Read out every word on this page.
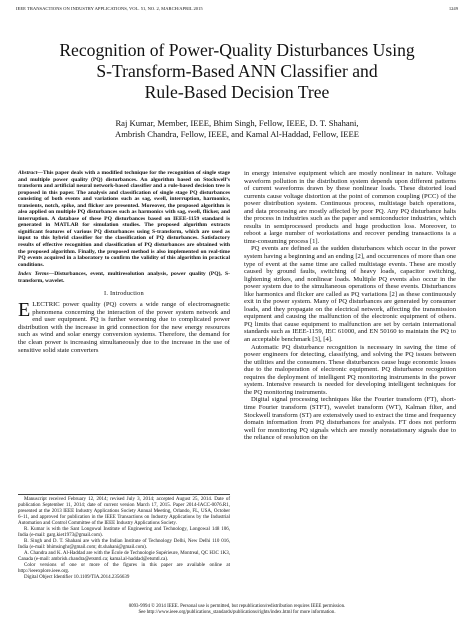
IEEE TRANSACTIONS ON INDUSTRY APPLICATIONS, VOL. 51, NO. 2, MARCH/APRIL 2015	1249
Recognition of Power-Quality Disturbances Using
S-Transform-Based ANN Classifier and
Rule-Based Decision Tree
Raj Kumar, Member, IEEE, Bhim Singh, Fellow, IEEE, D. T. Shahani,
Ambrish Chandra, Fellow, IEEE, and Kamal Al-Haddad, Fellow, IEEE

Abstract—This paper deals with a modified technique for the recognition of single stage and multiple power quality (PQ) disturbances. An algorithm based on Stockwell’s transform and artificial neural network-based classifier and a rule-based decision tree is proposed in this paper. The analysis and classification of single stage PQ disturbances consisting of both events and variations such as sag, swell, interruption, harmonics, transients, notch, spike, and flicker are presented. Moreover, the proposed algorithm is also applied on multiple PQ disturbances such as harmonics with sag, swell, flicker, and interruption. A database of these PQ disturbances based on IEEE-1159 standard is generated in MATLAB for simulation studies. The proposed algorithm extracts significant features of various PQ disturbances using S-transform, which are used as input to this hybrid classifier for the classification of PQ disturbances. Satisfactory results of effective recognition and classification of PQ disturbances are obtained with the proposed algorithm. Finally, the proposed method is also implemented on real-time PQ events acquired in a laboratory to confirm the validity of this algorithm in practical conditions.

Index Terms—Disturbances, event, multiresolution analysis, power quality (PQ), S-transform, wavelet.

I. Introduction

ELECTRIC power quality (PQ) covers a wide range of electromagnetic phenomena concerning the interaction of the power system network and end user equipment. PQ is further worsening due to complicated power distribution with the increase in grid connection for the new energy resources such as wind and solar energy conversion systems. Therefore, the demand for the clean power is increasing simultaneously due to the increase in the use of sensitive solid state converters

Manuscript received February 12, 2014; revised July 3, 2014; accepted August 25, 2014. Date of publication September 11, 2014; date of current version March 17, 2015. Paper 2014-IACC-0076.R1, presented at the 2013 IEEE Industry Applications Society Annual Meeting, Orlando, FL, USA, October 6–11, and approved for publication in the IEEE Transactions on Industry Applications by the Industrial Automation and Control Committee of the IEEE Industry Applications Society.

R. Kumar is with the Sant Longowal Institute of Engineering and Technology, Longowal 148 106, India (e-mail: garg.kiet1973@gmail.com).

B. Singh and D. T. Shahani are with the Indian Institute of Technology Delhi, New Delhi 110 016, India (e-mail: bhimsinghr@gmail.com; dt.shahani@gmail.com).

A. Chandra and K. Al-Haddad are with the École de Technologie Supérieure, Montreal, QC H3C 1K3, Canada (e-mail: ambrish.chandra@etsmtl.ca; kamal.al-haddad@etsmtl.ca).

Color versions of one or more of the figures in this paper are available online at http://ieeexplore.ieee.org.

Digital Object Identifier 10.1109/TIA.2014.2356639

in energy intensive equipment which are mostly nonlinear in nature. Voltage waveform pollution in the distribution system depends upon different patterns of current waveforms drawn by these nonlinear loads. These distorted load currents cause voltage distortion at the point of common coupling (PCC) of the power distribution system. Continuous process, multistage batch operations, and data processing are mostly affected by poor PQ. Any PQ disturbance halts the process in industries such as the paper and semiconductor industries, which results in semiprocessed products and huge production loss. Moreover, to reboot a large number of workstations and recover pending transactions is a time-consuming process [1].

PQ events are defined as the sudden disturbances which occur in the power system having a beginning and an ending [2], and occurrences of more than one type of event at the same time are called multistage events. These are mostly caused by ground faults, switching of heavy loads, capacitor switching, lightening strikes, and nonlinear loads. Multiple PQ events also occur in the power system due to the simultaneous operations of these events. Disturbances like harmonics and flicker are called as PQ variations [2] as these continuously exit in the power system. Many of PQ disturbances are generated by consumer loads, and they propagate on the electrical network, affecting the transmission equipment and causing the malfunction of the electronic equipment of others. PQ limits that cause equipment to malfunction are set by certain international standards such as IEEE-1159, IEC 61000, and EN 50160 to maintain the PQ to an acceptable benchmark [3], [4].

Automatic PQ disturbance recognition is necessary in saving the time of power engineers for detecting, classifying, and solving the PQ issues between the utilities and the consumers. These disturbances cause huge economic losses due to the maloperation of electronic equipment. PQ disturbance recognition requires the deployment of intelligent PQ monitoring instruments in the power system. Intensive research is needed for developing intelligent techniques for the PQ monitoring instruments.

Digital signal processing techniques like the Fourier transform (FT), short-time Fourier transform (STFT), wavelet transform (WT), Kalman filter, and Stockwell transform (ST) are extensively used to extract the time and frequency domain information from PQ disturbances for analysis. FT does not perform well for monitoring PQ signals which are mostly nonstationary signals due to the reliance of resolution on the

0093-9994 © 2014 IEEE. Personal use is permitted, but republication/redistribution requires IEEE permission.
See http://www.ieee.org/publications_standards/publications/rights/index.html for more information.
